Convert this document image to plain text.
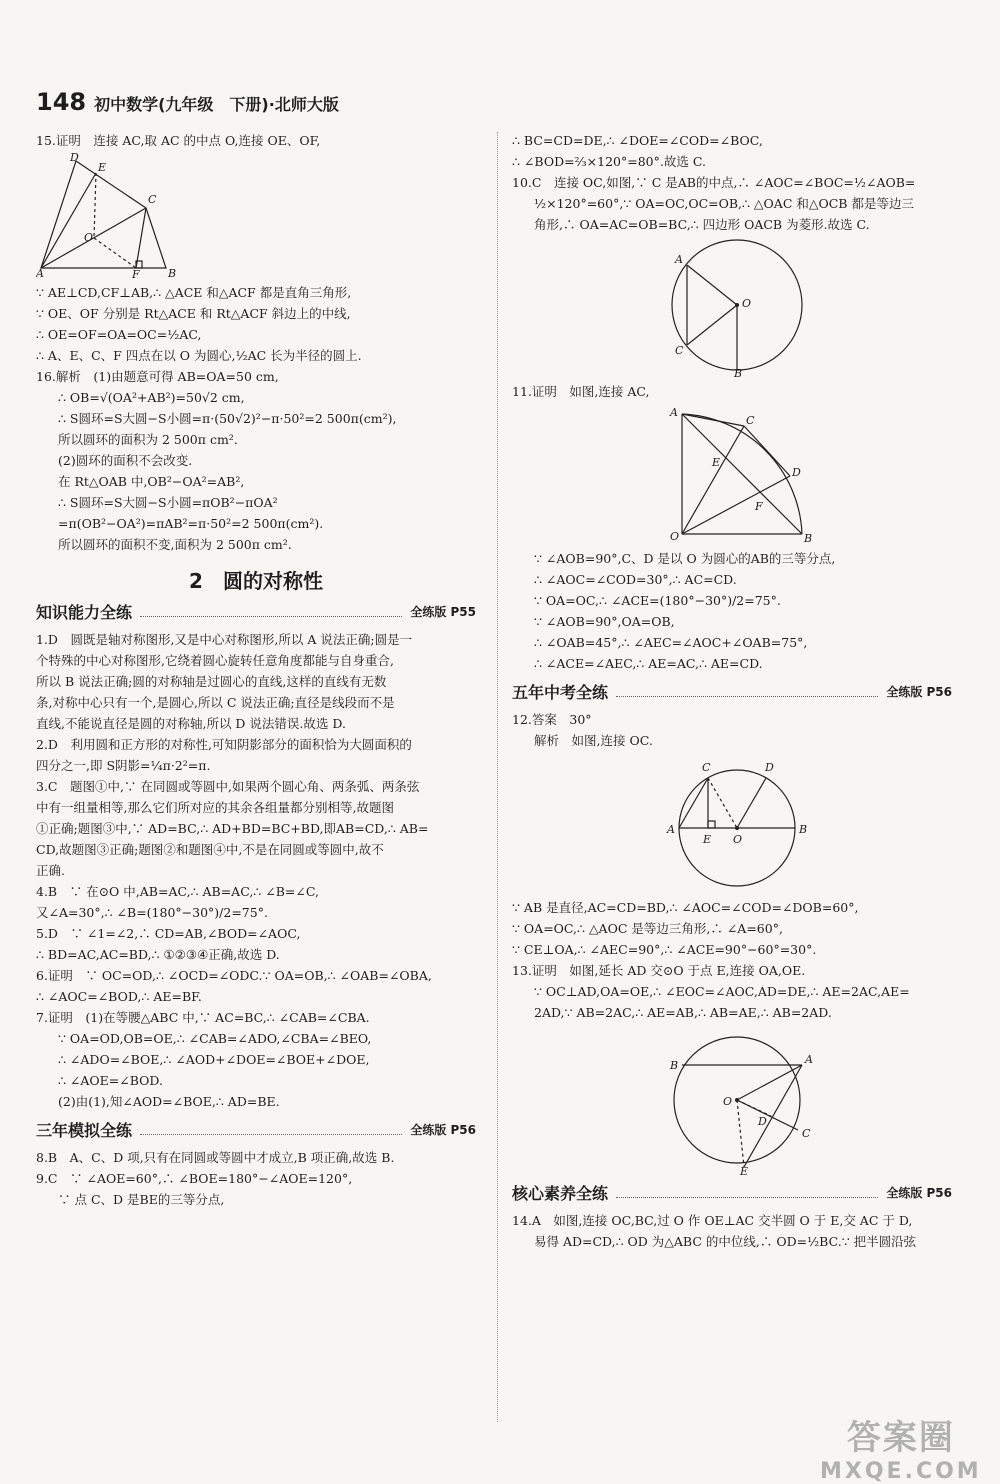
148 初中数学(九年级　下册)·北师大版
15.证明　连接 AC,取 AC 的中点 O,连接 OE、OF,
D
E
C
O
A	F	B
∵ AE⊥CD,CF⊥AB,∴ △ACE 和△ACF 都是直角三角形,
∵ OE、OF 分别是 Rt△ACE 和 Rt△ACF 斜边上的中线,
∴ OE=OF=OA=OC=½AC,
∴ A、E、C、F 四点在以 O 为圆心,½AC 长为半径的圆上.
16.解析　(1)由题意可得 AB=OA=50 cm,
∴ OB=√(OA²+AB²)=50√2 cm,
∴ S圆环=S大圆−S小圆=π·(50√2)²−π·50²=2 500π(cm²),
所以圆环的面积为 2 500π cm².
(2)圆环的面积不会改变.
在 Rt△OAB 中,OB²−OA²=AB²,
∴ S圆环=S大圆−S小圆=πOB²−πOA²
=π(OB²−OA²)=πAB²=π·50²=2 500π(cm²).
所以圆环的面积不变,面积为 2 500π cm².
2　圆的对称性
知识能力全练	全练版 P55
1.D　圆既是轴对称图形,又是中心对称图形,所以 A 说法正确;圆是一
个特殊的中心对称图形,它绕着圆心旋转任意角度都能与自身重合,
所以 B 说法正确;圆的对称轴是过圆心的直线,这样的直线有无数
条,对称中心只有一个,是圆心,所以 C 说法正确;直径是线段而不是
直线,不能说直径是圆的对称轴,所以 D 说法错误.故选 D.
2.D　利用圆和正方形的对称性,可知阴影部分的面积恰为大圆面积的
四分之一,即 S阴影=¼π·2²=π.
3.C　题图①中,∵ 在同圆或等圆中,如果两个圆心角、两条弧、两条弦
中有一组量相等,那么它们所对应的其余各组量都分别相等,故题图
①正确;题图③中,∵ AD=BC,∴ AD+BD=BC+BD,即AB=CD,∴ AB=
CD,故题图③正确;题图②和题图④中,不是在同圆或等圆中,故不
正确.
4.B　∵ 在⊙O 中,AB=AC,∴ AB=AC,∴ ∠B=∠C,
又∠A=30°,∴ ∠B=(180°−30°)/2=75°.
5.D　∵ ∠1=∠2,∴ CD=AB,∠BOD=∠AOC,
∴ BD=AC,AC=BD,∴ ①②③④正确,故选 D.
6.证明　∵ OC=OD,∴ ∠OCD=∠ODC.∵ OA=OB,∴ ∠OAB=∠OBA,
∴ ∠AOC=∠BOD,∴ AE=BF.
7.证明　(1)在等腰△ABC 中,∵ AC=BC,∴ ∠CAB=∠CBA.
∵ OA=OD,OB=OE,∴ ∠CAB=∠ADO,∠CBA=∠BEO,
∴ ∠ADO=∠BOE,∴ ∠AOD+∠DOE=∠BOE+∠DOE,
∴ ∠AOE=∠BOD.
(2)由(1),知∠AOD=∠BOE,∴ AD=BE.
三年模拟全练	全练版 P56
8.B　A、C、D 项,只有在同圆或等圆中才成立,B 项正确,故选 B.
9.C　∵ ∠AOE=60°,∴ ∠BOE=180°−∠AOE=120°,
∵ 点 C、D 是BE的三等分点,
∴ BC=CD=DE,∴ ∠DOE=∠COD=∠BOC,
∴ ∠BOD=⅔×120°=80°.故选 C.
10.C　连接 OC,如图,∵ C 是AB的中点,∴ ∠AOC=∠BOC=½∠AOB=
½×120°=60°,∵ OA=OC,OC=OB,∴ △OAC 和△OCB 都是等边三
角形,∴ OA=AC=OB=BC,∴ 四边形 OACB 为菱形.故选 C.
A
O
C
B
11.证明　如图,连接 AC,
A
C
E
D
F
O	B
∵ ∠AOB=90°,C、D 是以 O 为圆心的AB的三等分点,
∴ ∠AOC=∠COD=30°,∴ AC=CD.
∵ OA=OC,∴ ∠ACE=(180°−30°)/2=75°.
∵ ∠AOB=90°,OA=OB,
∴ ∠OAB=45°,∴ ∠AEC=∠AOC+∠OAB=75°,
∴ ∠ACE=∠AEC,∴ AE=AC,∴ AE=CD.
五年中考全练	全练版 P56
12.答案　30°
解析　如图,连接 OC.
C	D
A
E O
B
∵ AB 是直径,AC=CD=BD,∴ ∠AOC=∠COD=∠DOB=60°,
∵ OA=OC,∴ △AOC 是等边三角形,∴ ∠A=60°,
∵ CE⊥OA,∴ ∠AEC=90°,∴ ∠ACE=90°−60°=30°.
13.证明　如图,延长 AD 交⊙O 于点 E,连接 OA,OE.
∵ OC⊥AD,OA=OE,∴ ∠EOC=∠AOC,AD=DE,∴ AE=2AC,AE=
2AD,∵ AB=2AC,∴ AE=AB,∴ AB=AE,∴ AB=2AD.
B	A
O
D
C
E
核心素养全练	全练版 P56
14.A　如图,连接 OC,BC,过 O 作 OE⊥AC 交半圆 O 于 E,交 AC 于 D,
易得 AD=CD,∴ OD 为△ABC 的中位线,∴ OD=½BC.∵ 把半圆沿弦
答案圈
MXQE.COM
